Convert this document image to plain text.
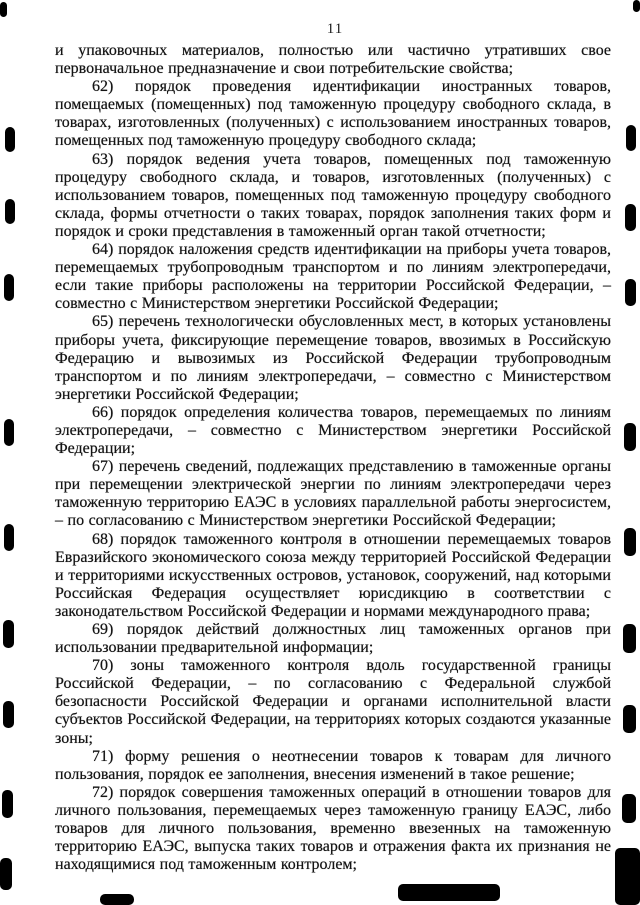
11

и упаковочных материалов, полностью или частично утративших свое первоначальное предназначение и свои потребительские свойства;

62) порядок проведения идентификации иностранных товаров, помещаемых (помещенных) под таможенную процедуру свободного склада, в товарах, изготовленных (полученных) с использованием иностранных товаров, помещенных под таможенную процедуру свободного склада;

63) порядок ведения учета товаров, помещенных под таможенную процедуру свободного склада, и товаров, изготовленных (полученных) с использованием товаров, помещенных под таможенную процедуру свободного склада, формы отчетности о таких товарах, порядок заполнения таких форм и порядок и сроки представления в таможенный орган такой отчетности;

64) порядок наложения средств идентификации на приборы учета товаров, перемещаемых трубопроводным транспортом и по линиям электропередачи, если такие приборы расположены на территории Российской Федерации, – совместно с Министерством энергетики Российской Федерации;

65) перечень технологически обусловленных мест, в которых установлены приборы учета, фиксирующие перемещение товаров, ввозимых в Российскую Федерацию и вывозимых из Российской Федерации трубопроводным транспортом и по линиям электропередачи, – совместно с Министерством энергетики Российской Федерации;

66) порядок определения количества товаров, перемещаемых по линиям электропередачи, – совместно с Министерством энергетики Российской Федерации;

67) перечень сведений, подлежащих представлению в таможенные органы при перемещении электрической энергии по линиям электропередачи через таможенную территорию ЕАЭС в условиях параллельной работы энергосистем, – по согласованию с Министерством энергетики Российской Федерации;

68) порядок таможенного контроля в отношении перемещаемых товаров Евразийского экономического союза между территорией Российской Федерации и территориями искусственных островов, установок, сооружений, над которыми Российская Федерация осуществляет юрисдикцию в соответствии с законодательством Российской Федерации и нормами международного права;

69) порядок действий должностных лиц таможенных органов при использовании предварительной информации;

70) зоны таможенного контроля вдоль государственной границы Российской Федерации, – по согласованию с Федеральной службой безопасности Российской Федерации и органами исполнительной власти субъектов Российской Федерации, на территориях которых создаются указанные зоны;

71) форму решения о неотнесении товаров к товарам для личного пользования, порядок ее заполнения, внесения изменений в такое решение;

72) порядок совершения таможенных операций в отношении товаров для личного пользования, перемещаемых через таможенную границу ЕАЭС, либо товаров для личного пользования, временно ввезенных на таможенную территорию ЕАЭС, выпуска таких товаров и отражения факта их признания не находящимися под таможенным контролем;
